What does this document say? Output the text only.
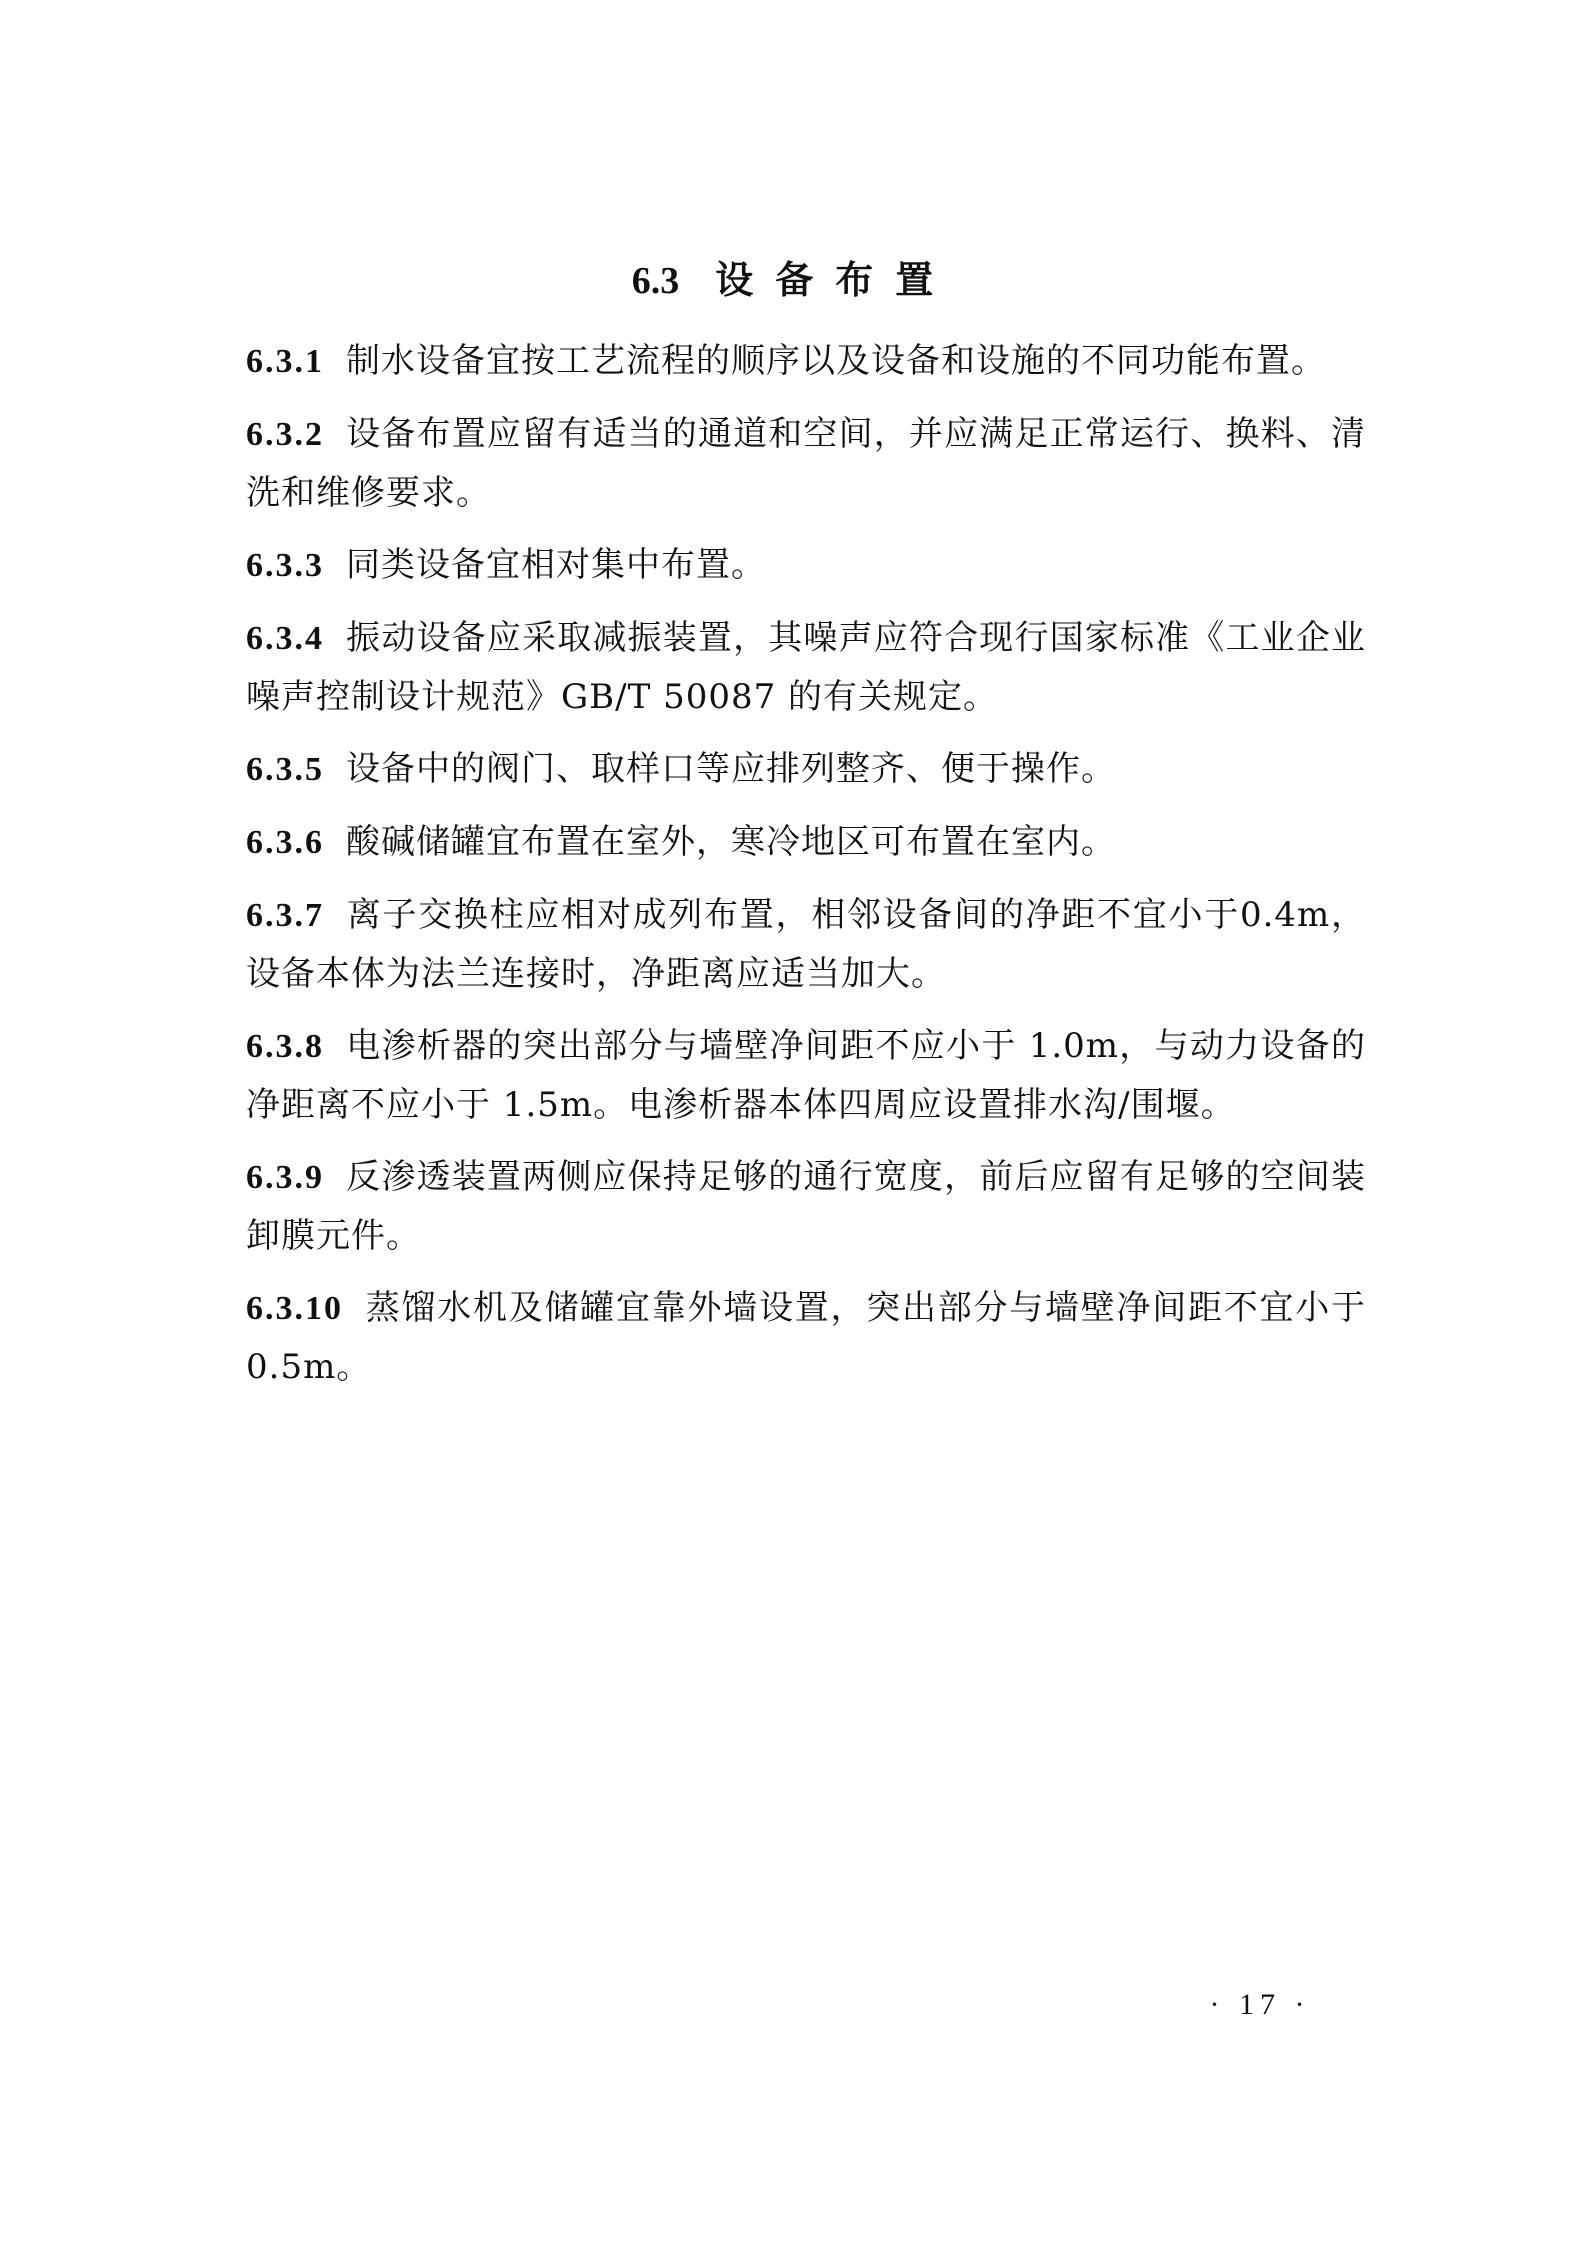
6.3 设备布置

6.3.1 制水设备宜按工艺流程的顺序以及设备和设施的不同功能布置。

6.3.2 设备布置应留有适当的通道和空间，并应满足正常运行、换料、清洗和维修要求。

6.3.3 同类设备宜相对集中布置。

6.3.4 振动设备应采取减振装置，其噪声应符合现行国家标准《工业企业噪声控制设计规范》GB/T 50087 的有关规定。

6.3.5 设备中的阀门、取样口等应排列整齐、便于操作。

6.3.6 酸碱储罐宜布置在室外，寒冷地区可布置在室内。

6.3.7 离子交换柱应相对成列布置，相邻设备间的净距不宜小于0.4m，设备本体为法兰连接时，净距离应适当加大。

6.3.8 电渗析器的突出部分与墙壁净间距不应小于 1.0m，与动力设备的净距离不应小于 1.5m。电渗析器本体四周应设置排水沟/围堰。

6.3.9 反渗透装置两侧应保持足够的通行宽度，前后应留有足够的空间装卸膜元件。

6.3.10 蒸馏水机及储罐宜靠外墙设置，突出部分与墙壁净间距不宜小于 0.5m。

· 17 ·
